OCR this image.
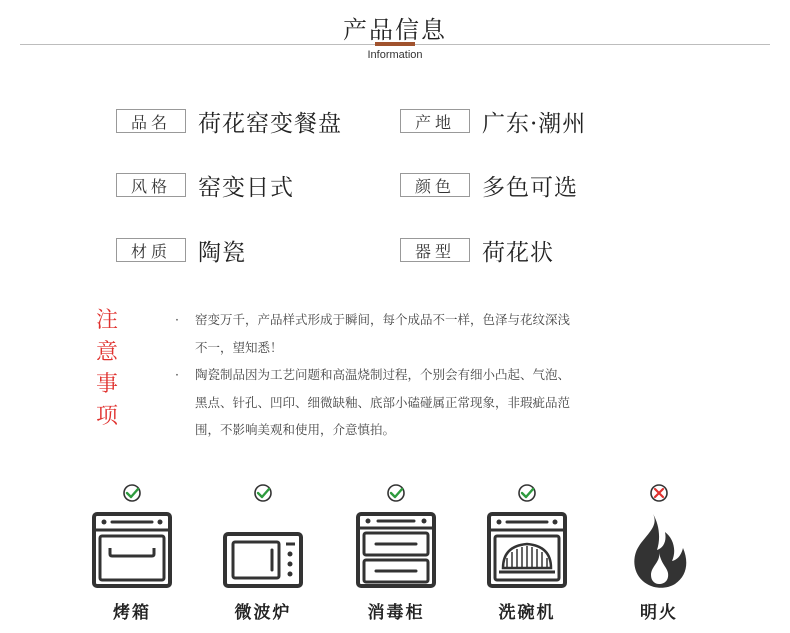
产品信息
Information
品名	荷花窑变餐盘	产地	广东·潮州
风格	窑变日式	颜色	多色可选
材质	陶瓷	器型	荷花状
注
意
事
项
· 窑变万千，产品样式形成于瞬间，每个成品不一样，色泽与花纹深浅
不一，望知悉！
· 陶瓷制品因为工艺问题和高温烧制过程，个别会有细小凸起、气泡、
黑点、针孔、凹印、细微缺釉、底部小磕碰属正常现象，非瑕疵品范
围，不影响美观和使用，介意慎拍。
烤箱	微波炉	消毒柜	洗碗机	明火
